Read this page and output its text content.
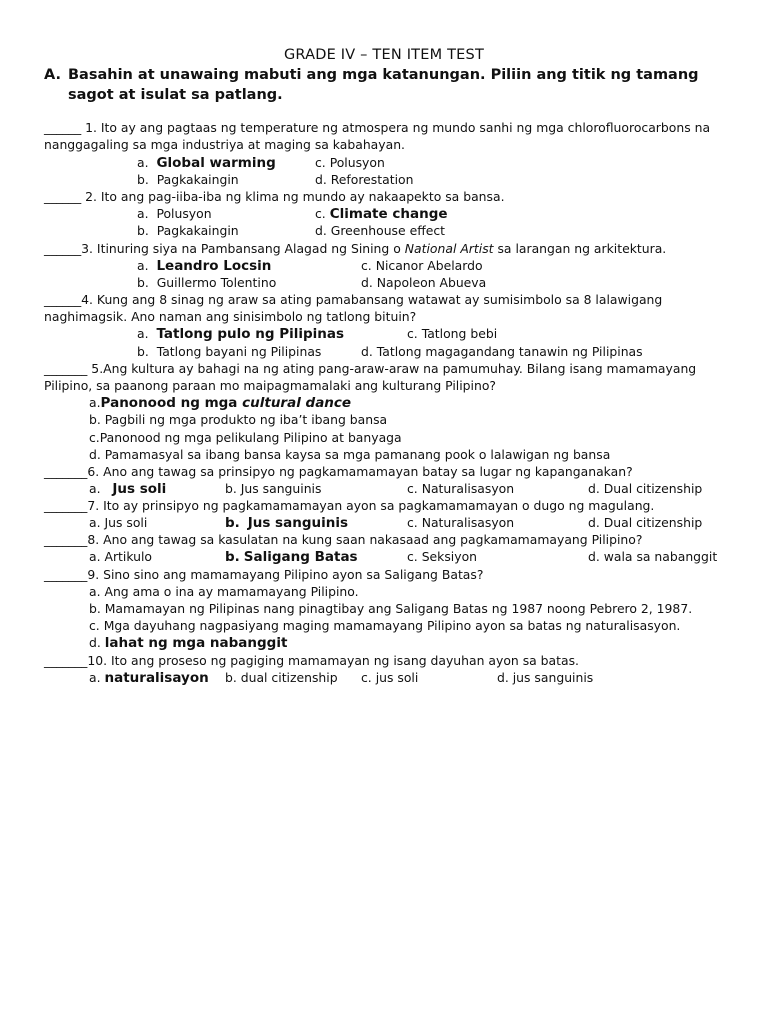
GRADE IV – TEN ITEM TEST
A. Basahin at unawaing mabuti ang mga katanungan. Piliin ang titik ng tamang sagot at isulat sa patlang.
______ 1. Ito ay ang pagtaas ng temperature ng atmospera ng mundo sanhi ng mga chlorofluorocarbons na
nanggagaling sa mga industriya at maging sa kabahayan.
a. Global warming	c. Polusyon
b. Pagkakaingin	d. Reforestation
______ 2. Ito ang pag-iiba-iba ng klima ng mundo ay nakaapekto sa bansa.
a. Polusyon	c. Climate change
b. Pagkakaingin	d. Greenhouse effect
______3. Itinuring siya na Pambansang Alagad ng Sining o National Artist sa larangan ng arkitektura.
a. Leandro Locsin	c. Nicanor Abelardo
b. Guillermo Tolentino	d. Napoleon Abueva
______4. Kung ang 8 sinag ng araw sa ating pamabansang watawat ay sumisimbolo sa 8 lalawigang
naghimagsik. Ano naman ang sinisimbolo ng tatlong bituin?
a. Tatlong pulo ng Pilipinas	c. Tatlong bebi
b. Tatlong bayani ng Pilipinas	d. Tatlong magagandang tanawin ng Pilipinas
_______ 5.Ang kultura ay bahagi na ng ating pang-araw-araw na pamumuhay. Bilang isang mamamayang
Pilipino, sa paanong paraan mo maipagmamalaki ang kulturang Pilipino?
a.Panonood ng mga cultural dance
b. Pagbili ng mga produkto ng iba’t ibang bansa
c.Panonood ng mga pelikulang Pilipino at banyaga
d. Pamamasyal sa ibang bansa kaysa sa mga pamanang pook o lalawigan ng bansa
_______6. Ano ang tawag sa prinsipyo ng pagkamamamayan batay sa lugar ng kapanganakan?
a. Jus soli	b. Jus sanguinis	c. Naturalisasyon	d. Dual citizenship
_______7. Ito ay prinsipyo ng pagkamamamayan ayon sa pagkamamamayan o dugo ng magulang.
a. Jus soli	b. Jus sanguinis	c. Naturalisasyon	d. Dual citizenship
_______8. Ano ang tawag sa kasulatan na kung saan nakasaad ang pagkamamamayang Pilipino?
a. Artikulo	b. Saligang Batas	c. Seksiyon	d. wala sa nabanggit
_______9. Sino sino ang mamamayang Pilipino ayon sa Saligang Batas?
a. Ang ama o ina ay mamamayang Pilipino.
b. Mamamayan ng Pilipinas nang pinagtibay ang Saligang Batas ng 1987 noong Pebrero 2, 1987.
c. Mga dayuhang nagpasiyang maging mamamayang Pilipino ayon sa batas ng naturalisasyon.
d. lahat ng mga nabanggit
_______10. Ito ang proseso ng pagiging mamamayan ng isang dayuhan ayon sa batas.
a. naturalisayon b. dual citizenship c. jus soli	d. jus sanguinis
